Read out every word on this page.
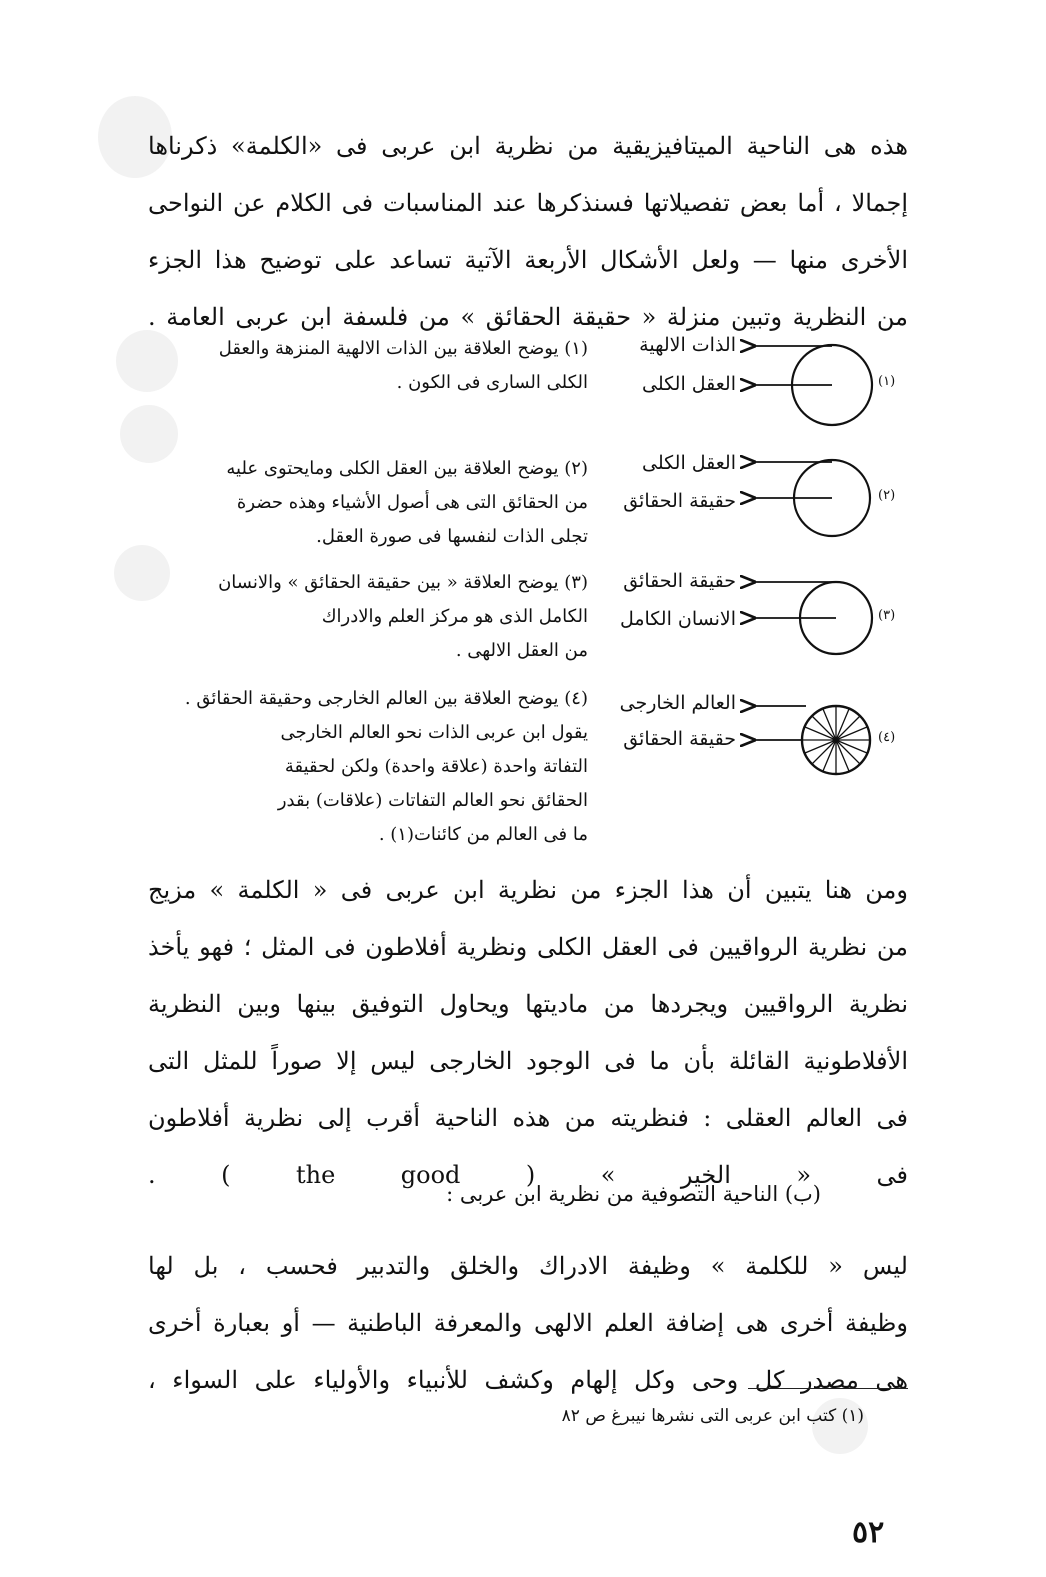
هذه هى الناحية الميتافيزيقية من نظرية ابن عربى فى «الكلمة» ذكرناها
إجمالا ، أما بعض تفصيلاتها فسنذكرها عند المناسبات فى الكلام عن النواحى
الأخرى منها — ولعل الأشكال الأربعة الآتية تساعد على توضيح هذا الجزء
من النظرية وتبين منزلة « حقيقة الحقائق » من فلسفة ابن عربى العامة .

(١)
الذات الالهية
العقل الكلى

(١) يوضح العلاقة بين الذات الالهية المنزهة والعقل
الكلى السارى فى الكون .

(٢)
العقل الكلى
حقيقة الحقائق

(٢) يوضح العلاقة بين العقل الكلى ومايحتوى عليه
من الحقائق التى هى أصول الأشياء وهذه حضرة
تجلى الذات لنفسها فى صورة العقل.

(٣)
حقيقة الحقائق
الانسان الكامل

(٣) يوضح العلاقة « بين حقيقة الحقائق » والانسان
الكامل الذى هو مركز العلم والادراك
من العقل الالهى .

(٤)
العالم الخارجى
حقيقة الحقائق

(٤) يوضح العلاقة بين العالم الخارجى وحقيقة الحقائق .
يقول ابن عربى الذات نحو العالم الخارجى
التفاتة واحدة (علاقة واحدة) ولكن لحقيقة
الحقائق نحو العالم التفاتات (علاقات) بقدر
ما فى العالم من كائنات(١) .

ومن هنا يتبين أن هذا الجزء من نظرية ابن عربى فى « الكلمة » مزيج
من نظرية الرواقيين فى العقل الكلى ونظرية أفلاطون فى المثل ؛ فهو يأخذ
نظرية الرواقيين ويجردها من ماديتها ويحاول التوفيق بينها وبين النظرية
الأفلاطونية القائلة بأن ما فى الوجود الخارجى ليس إلا صوراً للمثل التى
فى العالم العقلى : فنظريته من هذه الناحية أقرب إلى نظرية أفلاطون
فى « الخير » ( the good ) .

(ب) الناحية التصوفية من نظرية ابن عربى :

ليس « للكلمة » وظيفة الادراك والخلق والتدبير فحسب ، بل لها
وظيفة أخرى هى إضافة العلم الالهى والمعرفة الباطنية — أو بعبارة أخرى
هى مصدر كل وحى وكل إلهام وكشف للأنبياء والأولياء على السواء ،

(١) كتب ابن عربى التى نشرها نيبرغ ص ٨٢
٥٢
